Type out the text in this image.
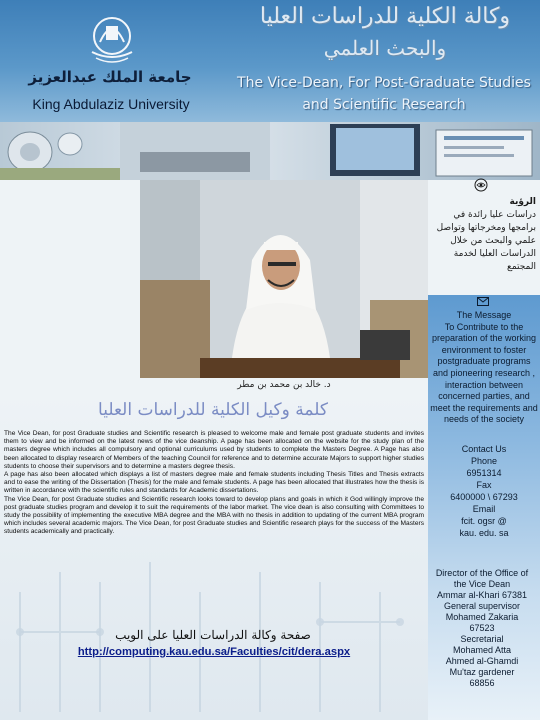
جامعة الملك عبدالعزيز
King Abdulaziz University
وكالة الكلية للدراسات العليا
والبحث العلمي
The Vice-Dean, For Post-Graduate Studies and Scientific Research
د. خالد بن محمد بن مطر
الرؤية
دراسات عليا رائدة في برامجها ومخرجاتها وتواصل علمي والبحث من خلال الدراسات العليا لخدمة المجتمع
The Message
To Contribute to the preparation of the working environment to foster postgraduate programs and pioneering research , interaction between concerned parties, and meet the requirements and needs of the society
Contact Us
Phone
6951314
Fax
6400000 \ 67293
Email
fcit. ogsr @
kau. edu. sa
Director of the Office of
the Vice Dean
Ammar al-Khari 67381
General supervisor
Mohamed Zakaria
67523
Secretarial
Mohamed Atta
Ahmed al-Ghamdi
Mu'taz gardener
68856
كلمة وكيل الكلية للدراسات العليا

The Vice Dean, for post Graduate studies and Scientific research is pleased to welcome male and female post graduate students and invites them to view and be informed on the latest news of the vice deanship. A page has been allocated on the website for the study plan of the masters degree which includes all compulsory and optional curriculums used by students to complete the Masters Degree. A Page has also been allocated to display research of Members of the teaching Council for reference and to determine accurate Majors to support higher studies students to choose their supervisors and to determine a masters degree thesis.

A page has also been allocated which displays a list of masters degree male and female students including Thesis Titles and Thesis extracts and to ease the writing of the Dissertation (Thesis) for the male and female students. A page has been allocated that illustrates how the thesis is written in accordance with the scientific rules and standards for Academic dissertations.

The Vice Dean, for post Graduate studies and Scientific research looks toward to develop plans and goals in which it God willingly improve the post graduate studies program and develop it to suit the requirements of the labor market. The vice dean is also consulting with Committees to study the possibility of implementing the executive MBA degree and the MBA with no thesis in addition to updating of the current MBA program which includes several academic majors. The Vice Dean, for post Graduate studies and Scientific research plays for the success of the Masters students academically and practically.

صفحة وكالة الدراسات العليا على الويب
http://computing.kau.edu.sa/Faculties/cit/dera.aspx
